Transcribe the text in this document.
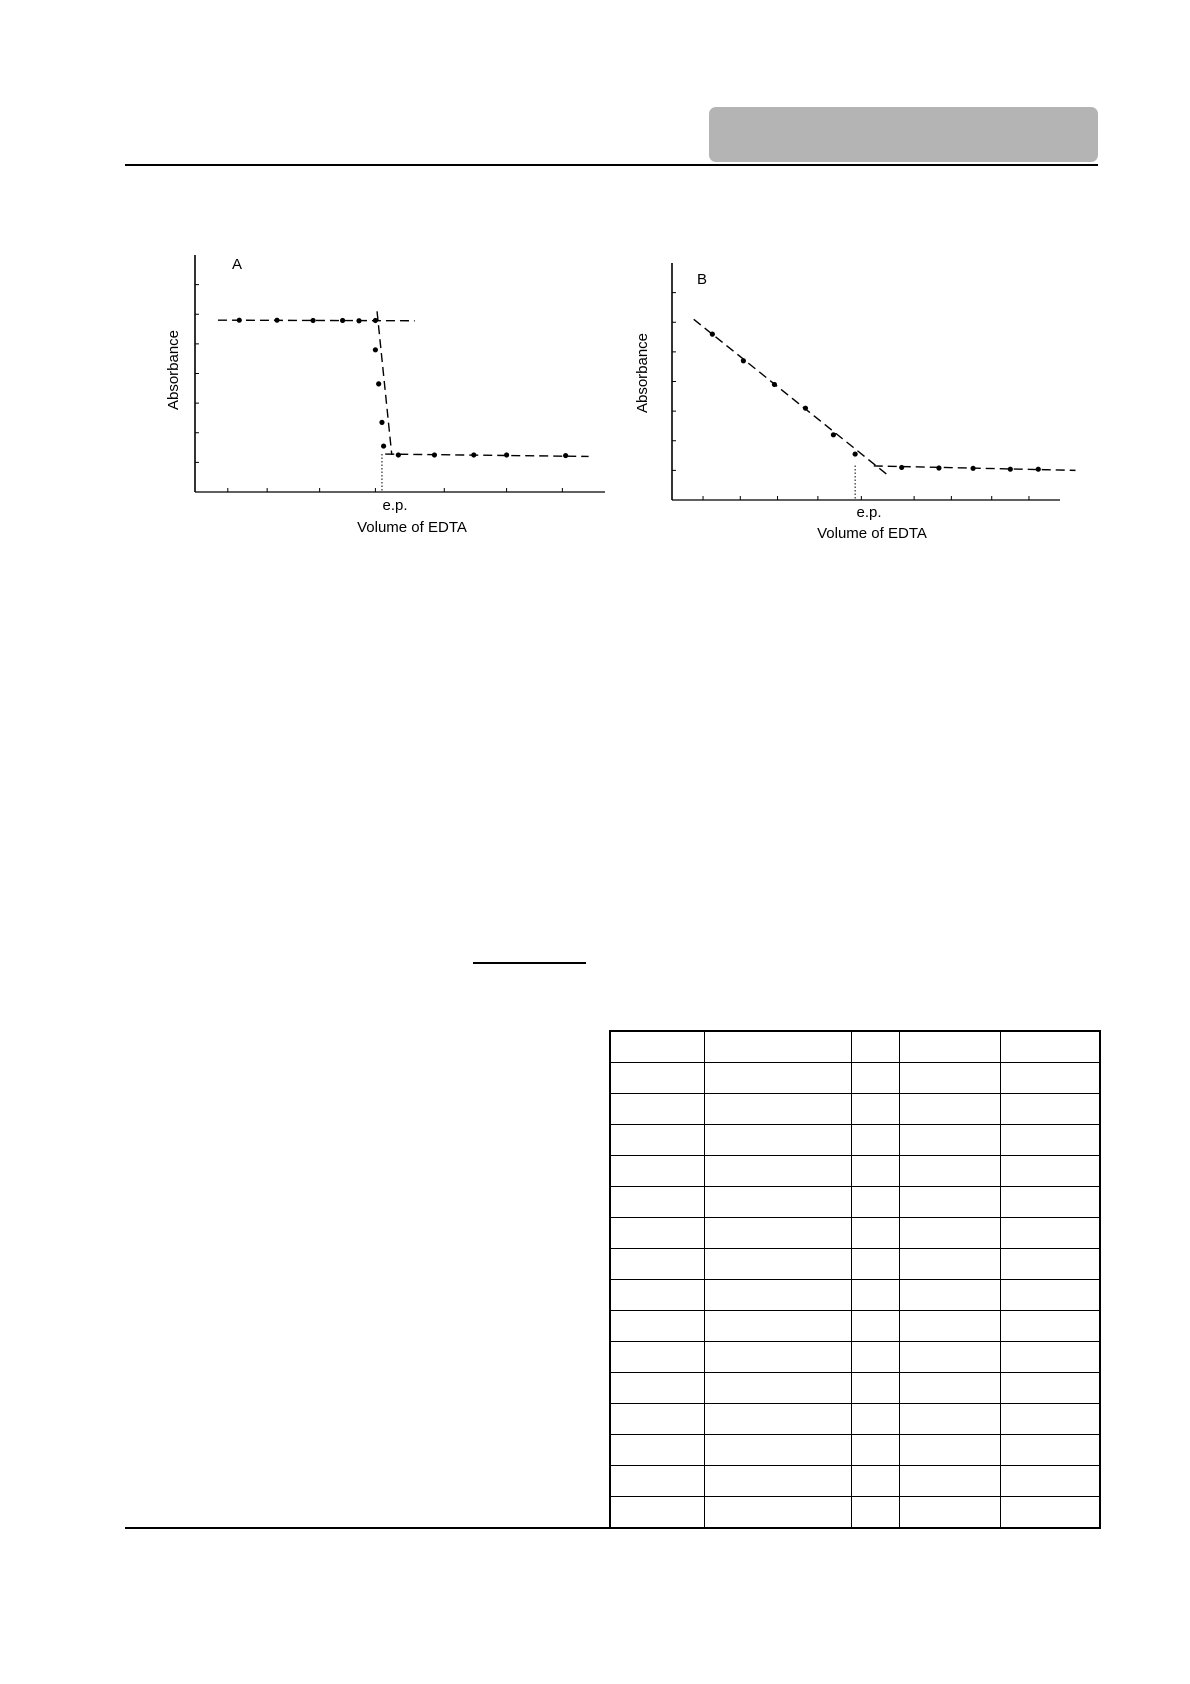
A
Absorbance
e.p.
Volume of EDTA
B
Absorbance
e.p.
Volume of EDTA
